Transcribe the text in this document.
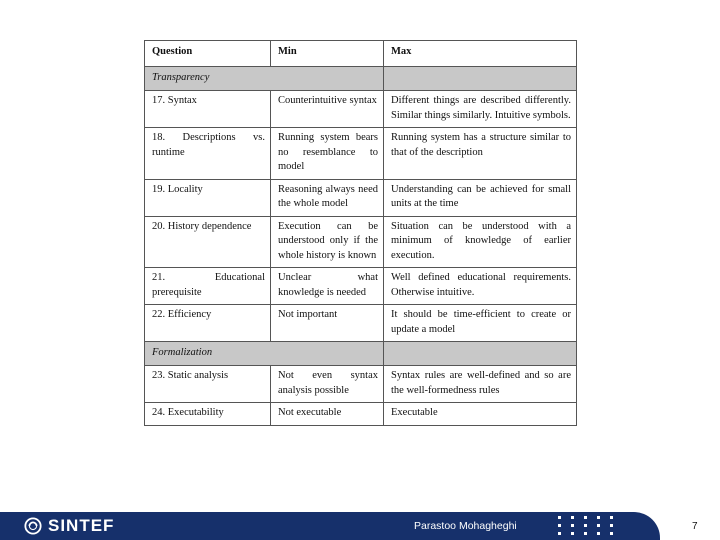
Question	Min	Max
Transparency		
17. Syntax	Counterintuitive syntax	Different things are described differently. Similar things similarly. Intuitive symbols.
18. Descriptions vs. runtime	Running system bears no resemblance to model	Running system has a structure similar to that of the description
19. Locality	Reasoning always need the whole model	Understanding can be achieved for small units at the time
20. History dependence	Execution can be understood only if the whole history is known	Situation can be understood with a minimum of knowledge of earlier execution.
21. Educational prerequisite	Unclear what knowledge is needed	Well defined educational requirements. Otherwise intuitive.
22. Efficiency	Not important	It should be time-efficient to create or update a model
Formalization		
23. Static analysis	Not even syntax analysis possible	Syntax rules are well-defined and so are the well-formedness rules
24. Executability	Not executable	Executable
SINTEF	Parastoo Mohagheghi	7
